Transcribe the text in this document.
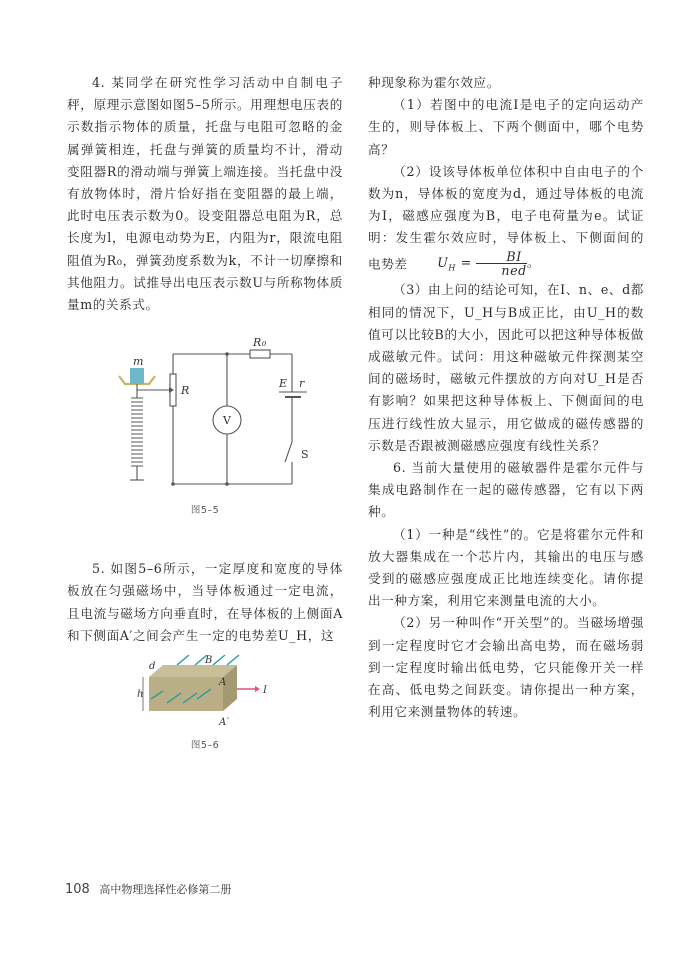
4. 某同学在研究性学习活动中自制电子秤，原理示意图如图5–5所示。用理想电压表的示数指示物体的质量，托盘与电阻可忽略的金属弹簧相连，托盘与弹簧的质量均不计，滑动变阻器R的滑动端与弹簧上端连接。当托盘中没有放物体时，滑片恰好指在变阻器的最上端，此时电压表示数为0。设变阻器总电阻为R，总长度为l，电源电动势为E，内阻为r，限流电阻阻值为R₀，弹簧劲度系数为k，不计一切摩擦和其他阻力。试推导出电压表示数U与所称物体质量m的关系式。

m
R
R₀
E r
S
V
图5–5

5. 如图5–6所示，一定厚度和宽度的导体板放在匀强磁场中，当导体板通过一定电流，且电流与磁场方向垂直时，在导体板的上侧面A和下侧面A′之间会产生一定的电势差U_H，这

B
A
A′
I
d
h
图5–6

种现象称为霍尔效应。

（1）若图中的电流I是电子的定向运动产生的，则导体板上、下两个侧面中，哪个电势高？

（2）设该导体板单位体积中自由电子的个数为n，导体板的宽度为d，通过导体板的电流为I，磁感应强度为B，电子电荷量为e。试证明：发生霍尔效应时，导体板上、下侧面间的电势差 $U_H$ =	BI
ned
。

（3）由上问的结论可知，在I、n、e、d都相同的情况下，U_H与B成正比，由U_H的数值可以比较B的大小，因此可以把这种导体板做成磁敏元件。试问：用这种磁敏元件探测某空间的磁场时，磁敏元件摆放的方向对U_H是否有影响？如果把这种导体板上、下侧面间的电压进行线性放大显示，用它做成的磁传感器的示数是否跟被测磁感应强度有线性关系？

6. 当前大量使用的磁敏器件是霍尔元件与集成电路制作在一起的磁传感器，它有以下两种。

（1）一种是“线性”的。它是将霍尔元件和放大器集成在一个芯片内，其输出的电压与感受到的磁感应强度成正比地连续变化。请你提出一种方案，利用它来测量电流的大小。

（2）另一种叫作“开关型”的。当磁场增强到一定程度时它才会输出高电势，而在磁场弱到一定程度时输出低电势，它只能像开关一样在高、低电势之间跃变。请你提出一种方案，利用它来测量物体的转速。

108 高中物理选择性必修第二册
